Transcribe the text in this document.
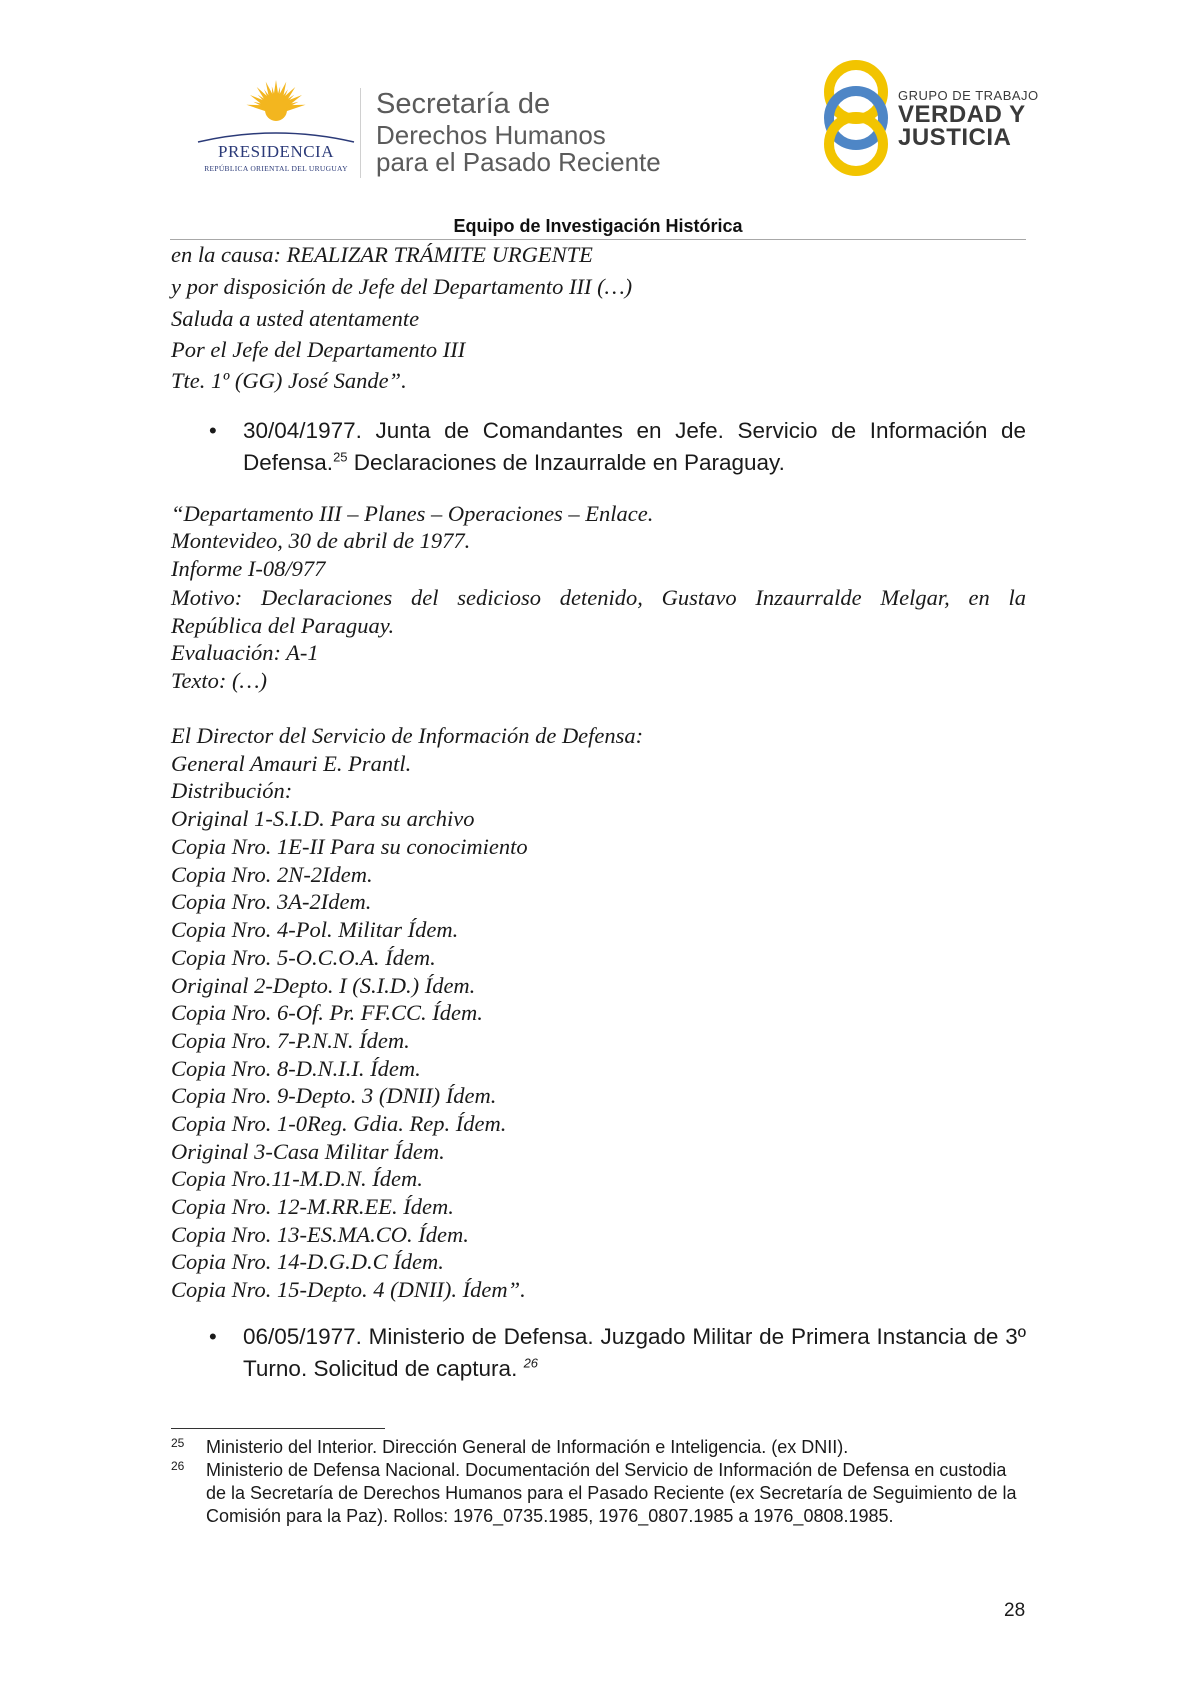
PRESIDENCIA
REPÚBLICA ORIENTAL DEL URUGUAY
Secretaría de
Derechos Humanos
para el Pasado Reciente
GRUPO DE TRABAJO
VERDAD Y
JUSTICIA
Equipo de Investigación Histórica
en la causa: REALIZAR TRÁMITE URGENTE
y por disposición de Jefe del Departamento III (…)
Saluda a usted atentamente
Por el Jefe del Departamento III
Tte. 1º (GG) José Sande”.
• 30/04/1977. Junta de Comandantes en Jefe. Servicio de Información de Defensa.$^{25}$ Declaraciones de Inzaurralde en Paraguay.
“Departamento III – Planes – Operaciones – Enlace.
Montevideo, 30 de abril de 1977.
Informe I-08/977
Motivo: Declaraciones del sedicioso detenido, Gustavo Inzaurralde Melgar, en la
República del Paraguay.
Evaluación: A-1
Texto: (…)
El Director del Servicio de Información de Defensa:
General Amauri E. Prantl.
Distribución:
Original 1-S.I.D. Para su archivo
Copia Nro. 1E-II Para su conocimiento
Copia Nro. 2N-2Idem.
Copia Nro. 3A-2Idem.
Copia Nro. 4-Pol. Militar Ídem.
Copia Nro. 5-O.C.O.A. Ídem.
Original 2-Depto. I (S.I.D.) Ídem.
Copia Nro. 6-Of. Pr. FF.CC. Ídem.
Copia Nro. 7-P.N.N. Ídem.
Copia Nro. 8-D.N.I.I. Ídem.
Copia Nro. 9-Depto. 3 (DNII) Ídem.
Copia Nro. 1-0Reg. Gdia. Rep. Ídem.
Original 3-Casa Militar Ídem.
Copia Nro.11-M.D.N. Ídem.
Copia Nro. 12-M.RR.EE. Ídem.
Copia Nro. 13-ES.MA.CO. Ídem.
Copia Nro. 14-D.G.D.C Ídem.
Copia Nro. 15-Depto. 4 (DNII). Ídem”.
• 06/05/1977. Ministerio de Defensa. Juzgado Militar de Primera Instancia de 3º Turno. Solicitud de captura. $^{26}$
25 Ministerio del Interior. Dirección General de Información e Inteligencia. (ex DNII).
26 Ministerio de Defensa Nacional. Documentación del Servicio de Información de Defensa en custodia de la Secretaría de Derechos Humanos para el Pasado Reciente (ex Secretaría de Seguimiento de la Comisión para la Paz). Rollos: 1976_0735.1985, 1976_0807.1985 a 1976_0808.1985.
28
